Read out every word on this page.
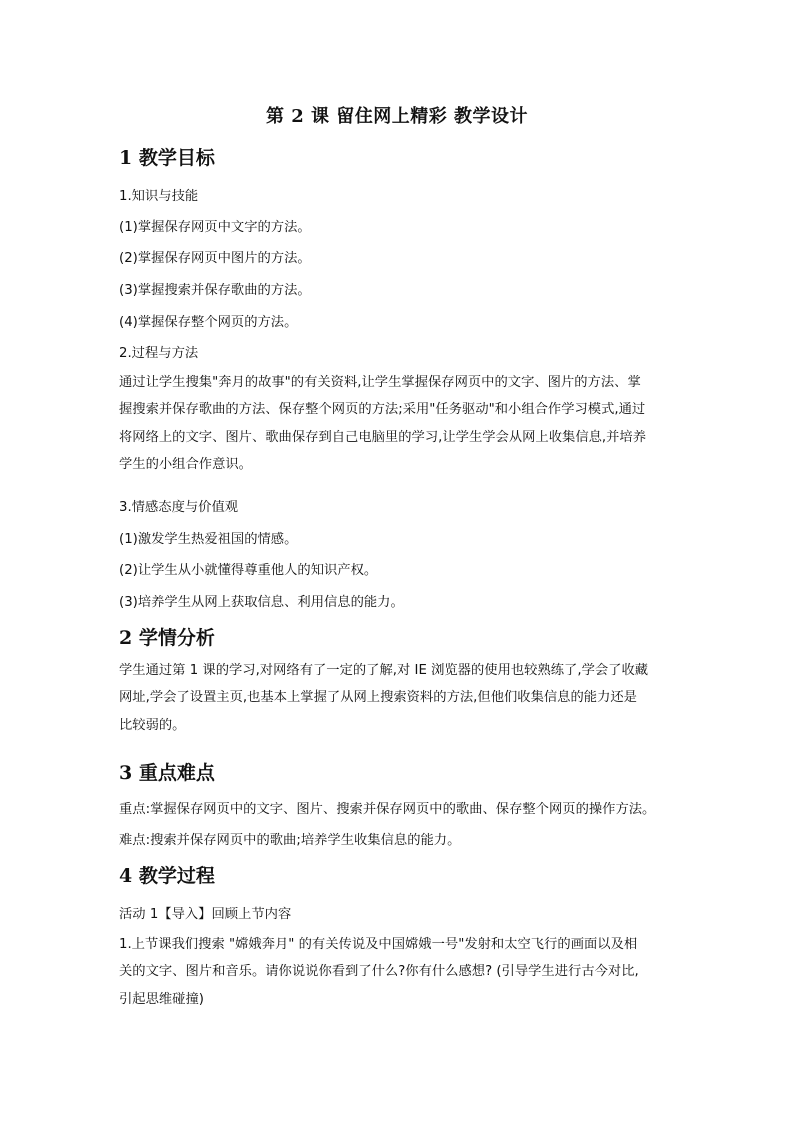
第 2 课 留住网上精彩 教学设计
1 教学目标
1.知识与技能
(1)掌握保存网页中文字的方法。
(2)掌握保存网页中图片的方法。
(3)掌握搜索并保存歌曲的方法。
(4)掌握保存整个网页的方法。
2.过程与方法
通过让学生搜集"奔月的故事"的有关资料,让学生掌握保存网页中的文字、图片的方法、掌
握搜索并保存歌曲的方法、保存整个网页的方法;采用"任务驱动"和小组合作学习模式,通过
将网络上的文字、图片、歌曲保存到自己电脑里的学习,让学生学会从网上收集信息,并培养
学生的小组合作意识。
3.情感态度与价值观
(1)激发学生热爱祖国的情感。
(2)让学生从小就懂得尊重他人的知识产权。
(3)培养学生从网上获取信息、利用信息的能力。
2 学情分析
学生通过第 1 课的学习,对网络有了一定的了解,对 IE 浏览器的使用也较熟练了,学会了收藏
网址,学会了设置主页,也基本上掌握了从网上搜索资料的方法,但他们收集信息的能力还是
比较弱的。
3 重点难点
重点:掌握保存网页中的文字、图片、搜索并保存网页中的歌曲、保存整个网页的操作方法。
难点:搜索并保存网页中的歌曲;培养学生收集信息的能力。
4 教学过程
活动 1【导入】回顾上节内容
1.上节课我们搜索 "嫦娥奔月" 的有关传说及中国嫦娥一号"发射和太空飞行的画面以及相
关的文字、图片和音乐。请你说说你看到了什么?你有什么感想? (引导学生进行古今对比,
引起思维碰撞)
